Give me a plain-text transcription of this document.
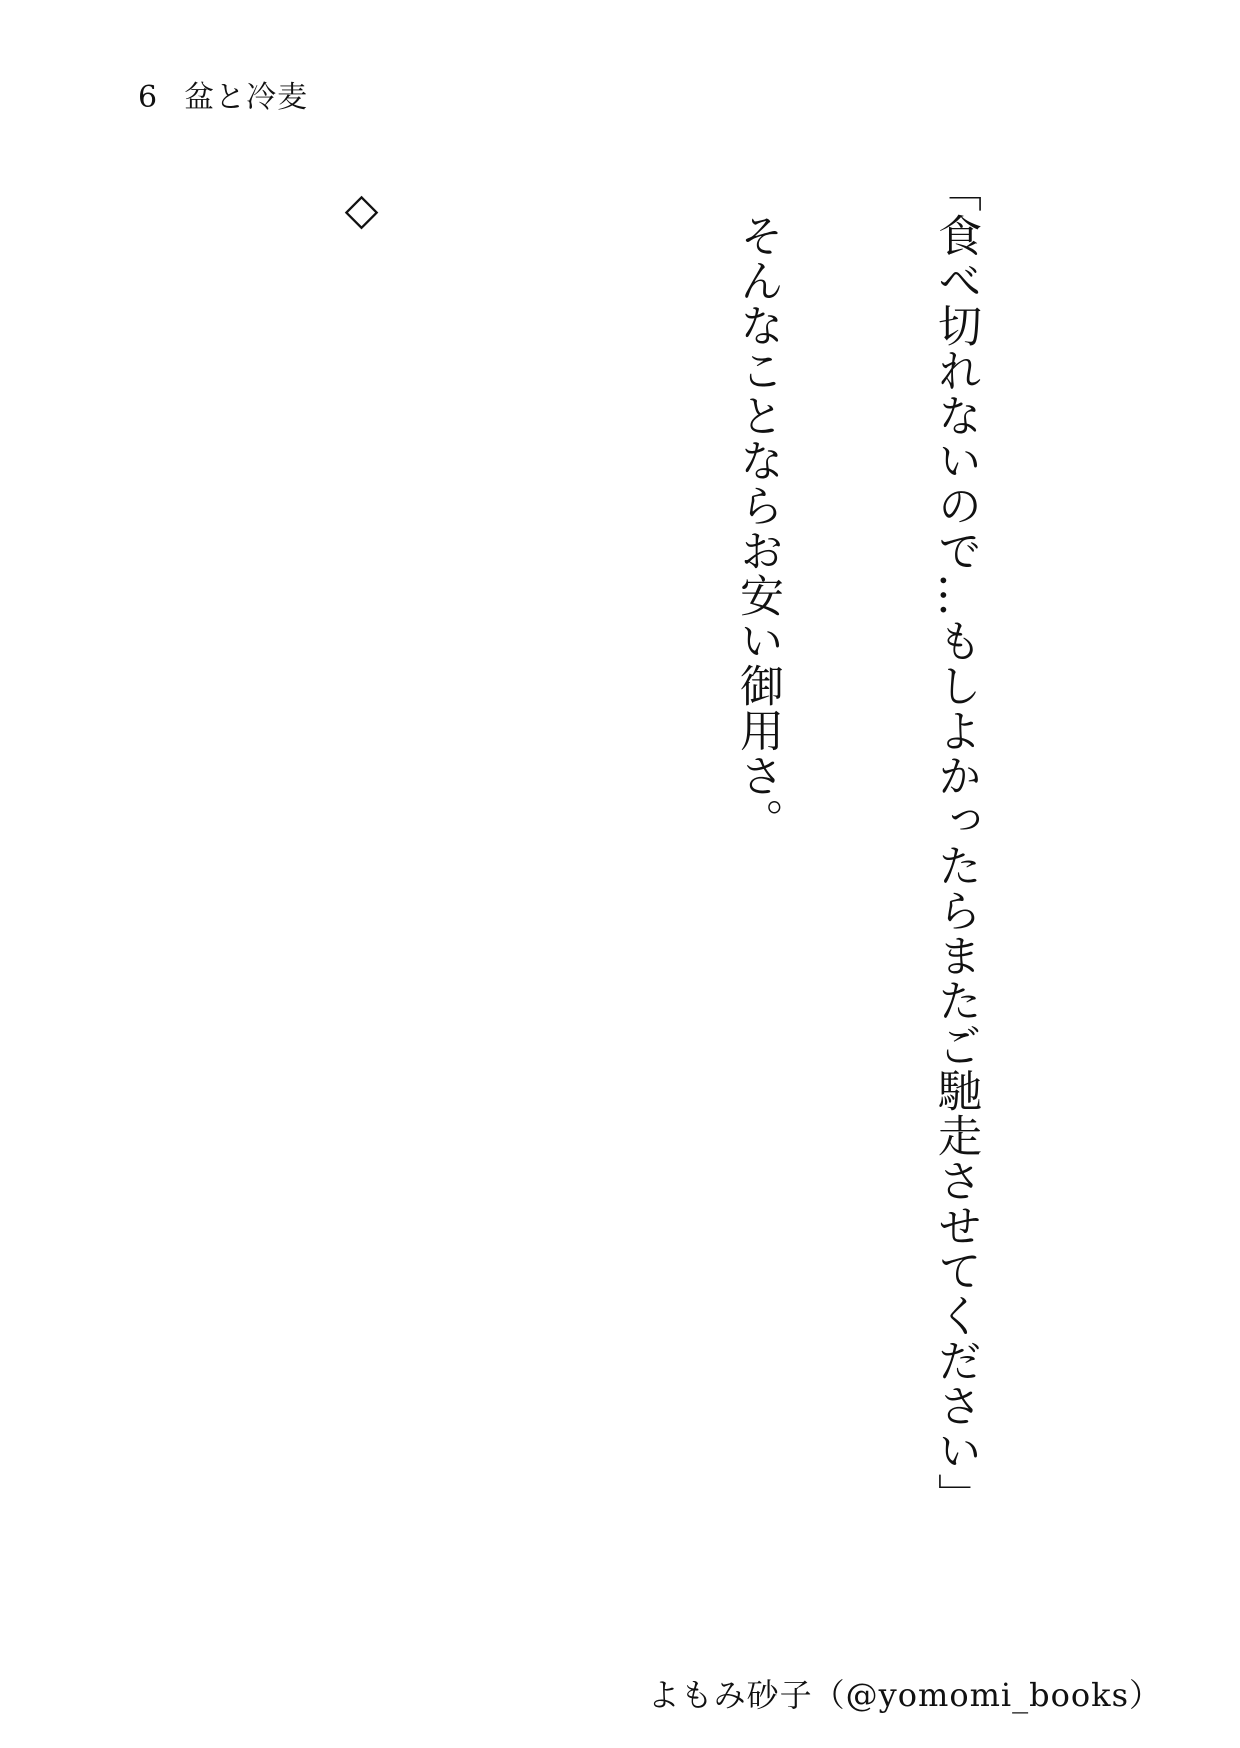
6 盆と冷麦

「食べ切れないので…もしよかったらまたご馳走させてください」

　そんなことならお安い御用さ。

◇

よもみ砂子（@yomomi_books）
